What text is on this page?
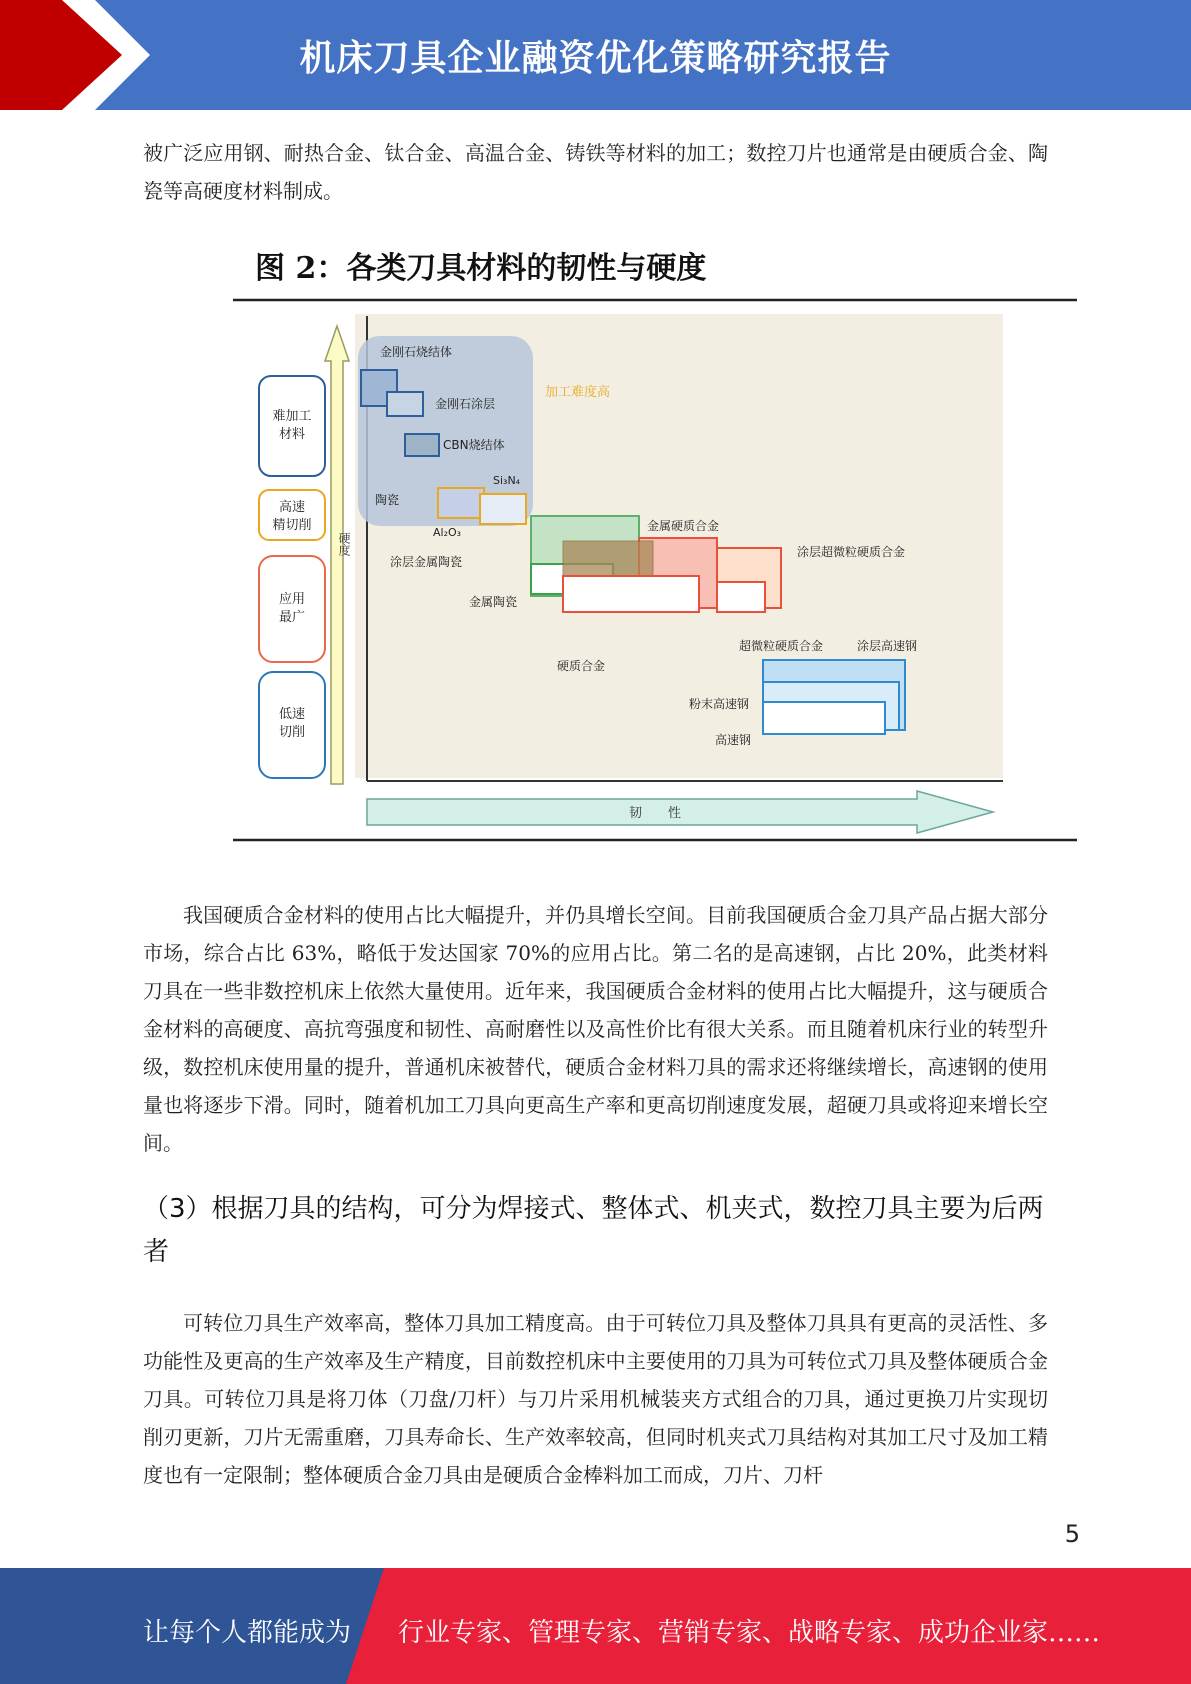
机床刀具企业融资优化策略研究报告

被广泛应用钢、耐热合金、钛合金、高温合金、铸铁等材料的加工；数控刀片也通常是由硬质合金、陶瓷等高硬度材料制成。

图 2：各类刀具材料的韧性与硬度
硬度
韧　　性
难加工
材料
高速
精切削
应用
最广
低速
切削
金刚石烧结体
金刚石涂层
CBN烧结体
Si₃N₄
陶瓷
Al₂O₃
加工难度高
金属硬质合金
涂层超微粒硬质合金
涂层金属陶瓷
金属陶瓷
硬质合金
超微粒硬质合金	涂层高速钢
粉末高速钢
高速钢

我国硬质合金材料的使用占比大幅提升，并仍具增长空间。目前我国硬质合金刀具产品占据大部分市场，综合占比 63%，略低于发达国家 70%的应用占比。第二名的是高速钢，占比 20%，此类材料刀具在一些非数控机床上依然大量使用。近年来，我国硬质合金材料的使用占比大幅提升，这与硬质合金材料的高硬度、高抗弯强度和韧性、高耐磨性以及高性价比有很大关系。而且随着机床行业的转型升级，数控机床使用量的提升，普通机床被替代，硬质合金材料刀具的需求还将继续增长，高速钢的使用量也将逐步下滑。同时，随着机加工刀具向更高生产率和更高切削速度发展，超硬刀具或将迎来增长空间。

（3）根据刀具的结构，可分为焊接式、整体式、机夹式，数控刀具主要为后两者

可转位刀具生产效率高，整体刀具加工精度高。由于可转位刀具及整体刀具具有更高的灵活性、多功能性及更高的生产效率及生产精度，目前数控机床中主要使用的刀具为可转位式刀具及整体硬质合金刀具。可转位刀具是将刀体（刀盘/刀杆）与刀片采用机械装夹方式组合的刀具，通过更换刀片实现切削刃更新，刀片无需重磨，刀具寿命长、生产效率较高，但同时机夹式刀具结构对其加工尺寸及加工精度也有一定限制；整体硬质合金刀具由是硬质合金棒料加工而成，刀片、刀杆

5
让每个人都能成为 行业专家、管理专家、营销专家、战略专家、成功企业家……
